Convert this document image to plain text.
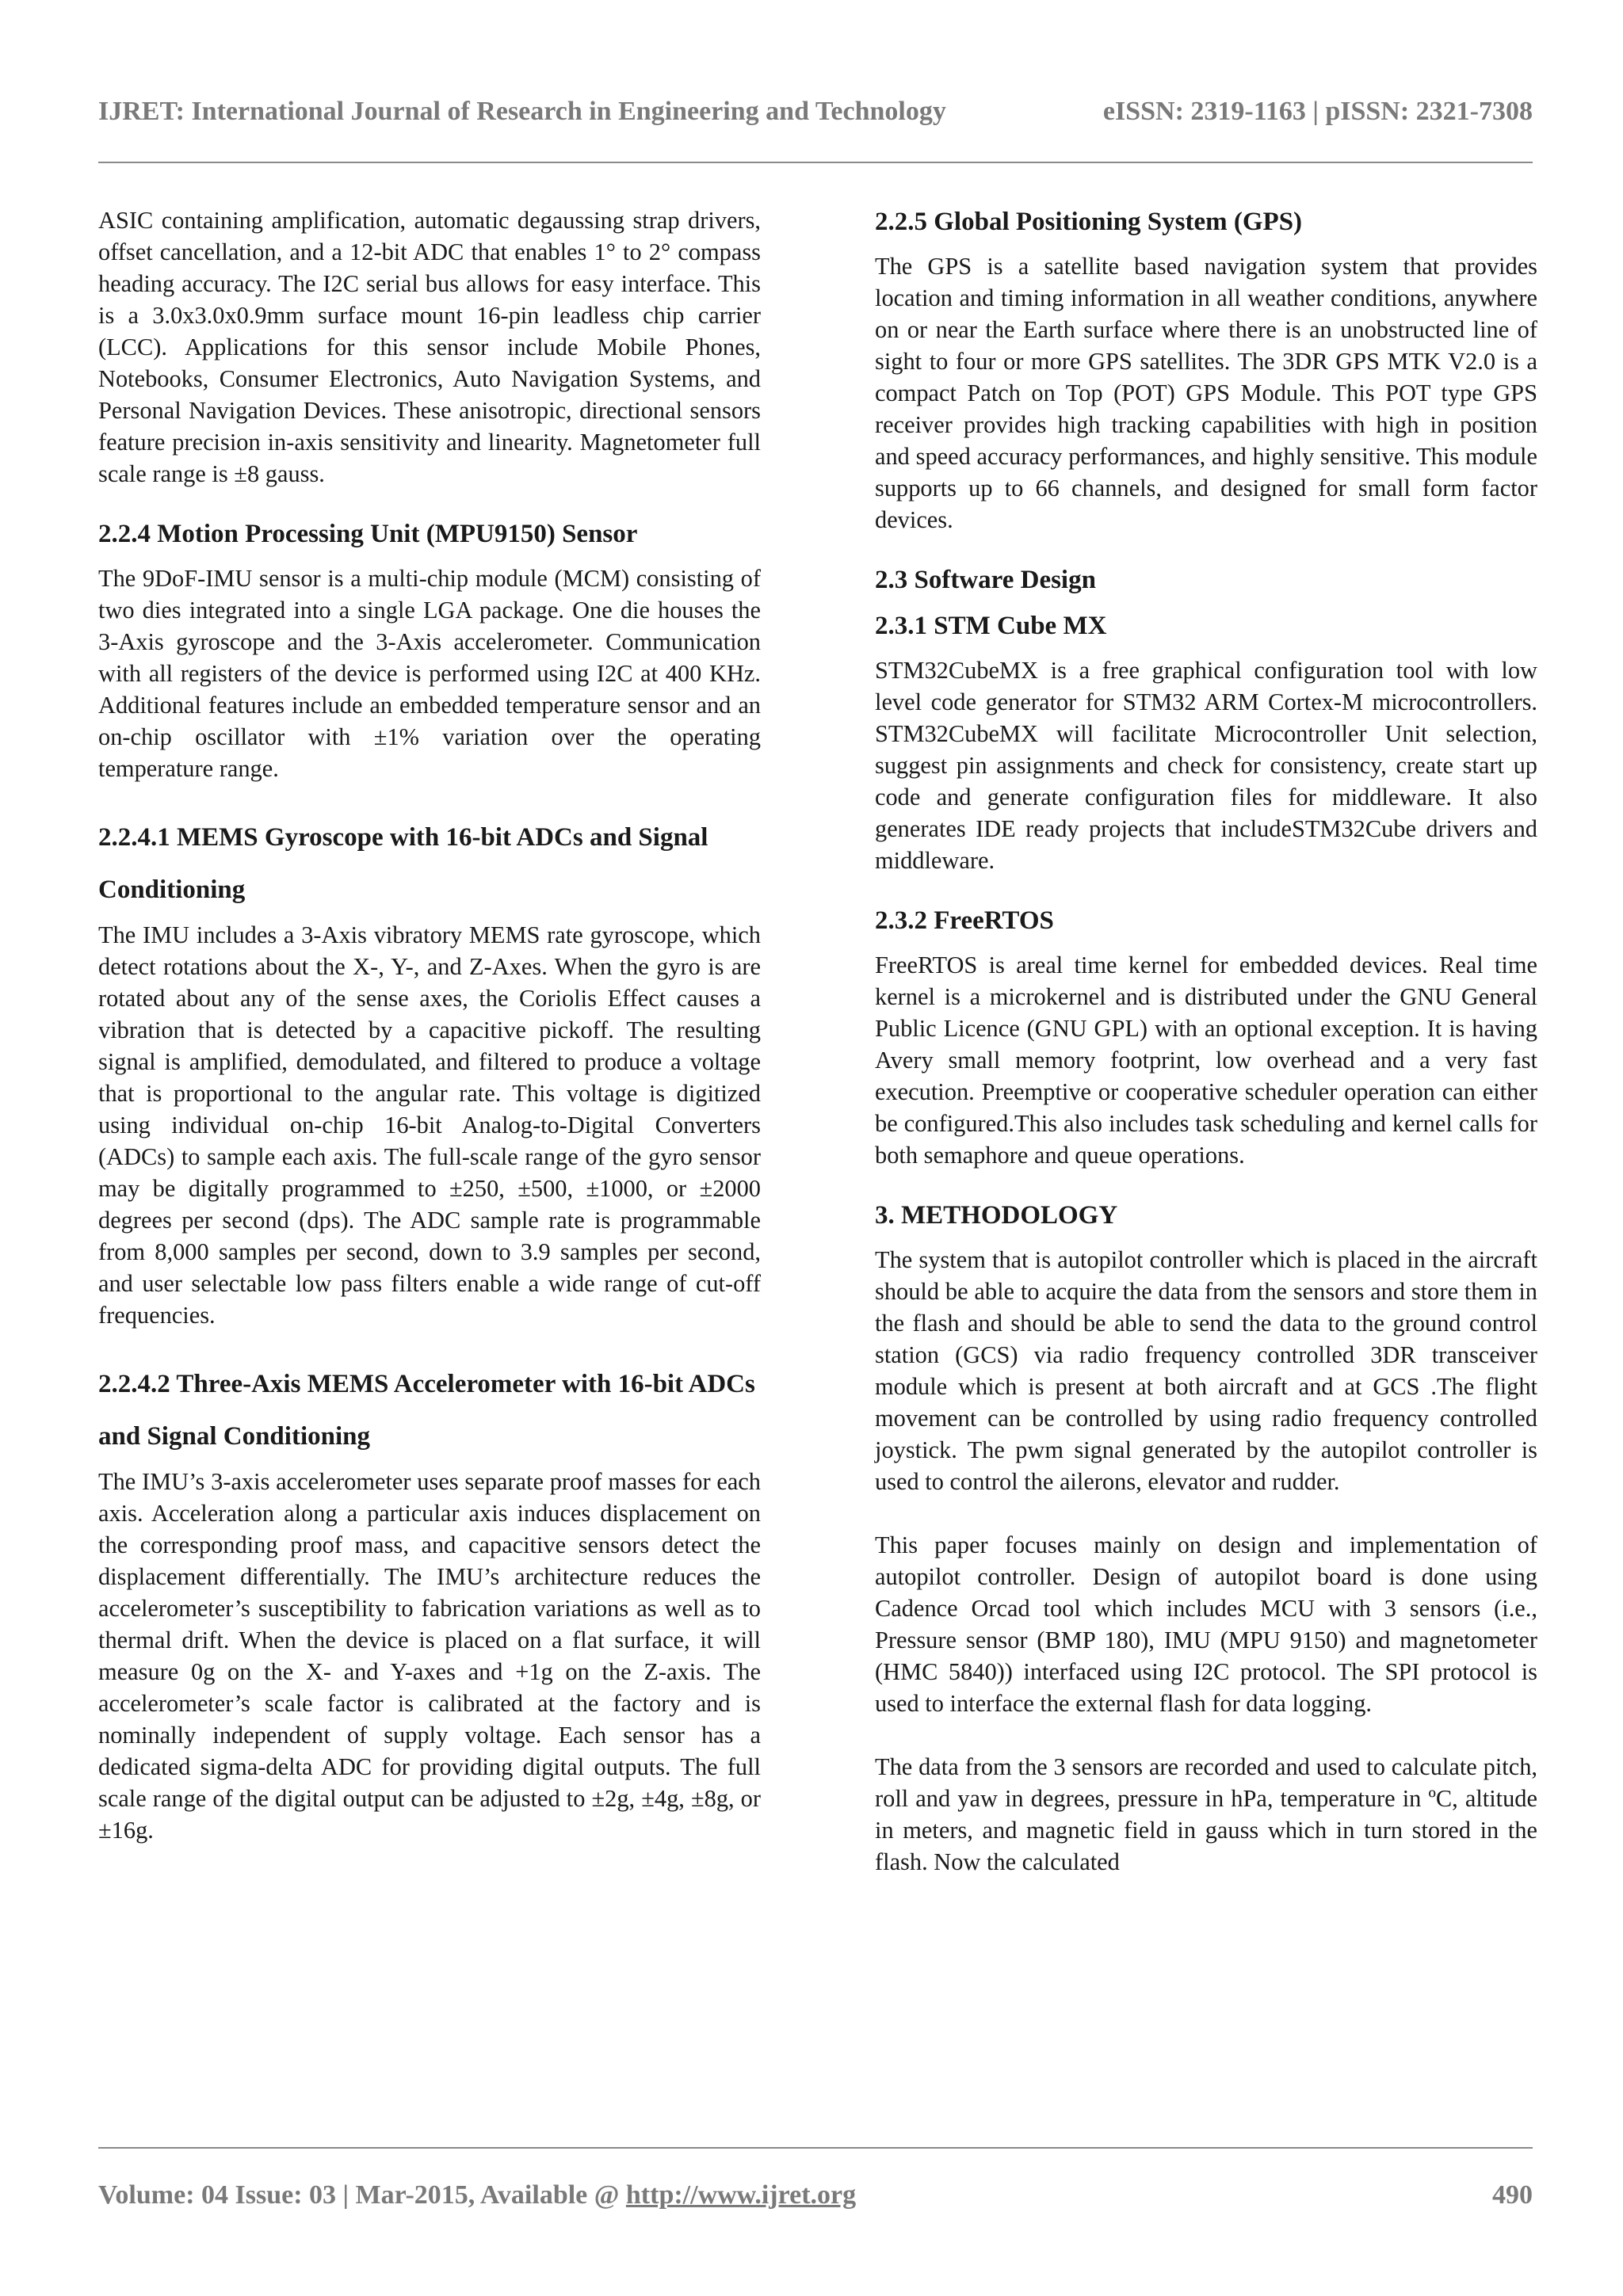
IJRET: International Journal of Research in Engineering and Technology	eISSN: 2319-1163 | pISSN: 2321-7308

ASIC containing amplification, automatic degaussing strap drivers, offset cancellation, and a 12-bit ADC that enables 1° to 2° compass heading accuracy. The I2C serial bus allows for easy interface. This is a 3.0x3.0x0.9mm surface mount 16-pin leadless chip carrier (LCC). Applications for this sensor include Mobile Phones, Notebooks, Consumer Electronics, Auto Navigation Systems, and Personal Navigation Devices. These anisotropic, directional sensors feature precision in-axis sensitivity and linearity. Magnetometer full scale range is ±8 gauss.

2.2.4 Motion Processing Unit (MPU9150) Sensor

The 9DoF-IMU sensor is a multi-chip module (MCM) consisting of two dies integrated into a single LGA package. One die houses the 3-Axis gyroscope and the 3-Axis accelerometer. Communication with all registers of the device is performed using I2C at 400 KHz. Additional features include an embedded temperature sensor and an on-chip oscillator with ±1% variation over the operating temperature range.

2.2.4.1 MEMS Gyroscope with 16-bit ADCs and Signal Conditioning

The IMU includes a 3-Axis vibratory MEMS rate gyroscope, which detect rotations about the X-, Y-, and Z-Axes. When the gyro is are rotated about any of the sense axes, the Coriolis Effect causes a vibration that is detected by a capacitive pickoff. The resulting signal is amplified, demodulated, and filtered to produce a voltage that is proportional to the angular rate. This voltage is digitized using individual on-chip 16-bit Analog-to-Digital Converters (ADCs) to sample each axis. The full-scale range of the gyro sensor may be digitally programmed to ±250, ±500, ±1000, or ±2000 degrees per second (dps). The ADC sample rate is programmable from 8,000 samples per second, down to 3.9 samples per second, and user selectable low pass filters enable a wide range of cut-off frequencies.

2.2.4.2 Three-Axis MEMS Accelerometer with 16-bit ADCs and Signal Conditioning

The IMU’s 3-axis accelerometer uses separate proof masses for each axis. Acceleration along a particular axis induces displacement on the corresponding proof mass, and capacitive sensors detect the displacement differentially. The IMU’s architecture reduces the accelerometer’s susceptibility to fabrication variations as well as to thermal drift. When the device is placed on a flat surface, it will measure 0g on the X- and Y-axes and +1g on the Z-axis. The accelerometer’s scale factor is calibrated at the factory and is nominally independent of supply voltage. Each sensor has a dedicated sigma-delta ADC for providing digital outputs. The full scale range of the digital output can be adjusted to ±2g, ±4g, ±8g, or ±16g.

2.2.5 Global Positioning System (GPS)

The GPS is a satellite based navigation system that provides location and timing information in all weather conditions, anywhere on or near the Earth surface where there is an unobstructed line of sight to four or more GPS satellites. The 3DR GPS MTK V2.0 is a compact Patch on Top (POT) GPS Module. This POT type GPS receiver provides high tracking capabilities with high in position and speed accuracy performances, and highly sensitive. This module supports up to 66 channels, and designed for small form factor devices.

2.3 Software Design
2.3.1 STM Cube MX

STM32CubeMX is a free graphical configuration tool with low level code generator for STM32 ARM Cortex-M microcontrollers. STM32CubeMX will facilitate Microcontroller Unit selection, suggest pin assignments and check for consistency, create start up code and generate configuration files for middleware. It also generates IDE ready projects that includeSTM32Cube drivers and middleware.

2.3.2 FreeRTOS

FreeRTOS is areal time kernel for embedded devices. Real time kernel is a microkernel and is distributed under the GNU General Public Licence (GNU GPL) with an optional exception. It is having Avery small memory footprint, low overhead and a very fast execution. Preemptive or cooperative scheduler operation can either be configured.This also includes task scheduling and kernel calls for both semaphore and queue operations.

3. METHODOLOGY

The system that is autopilot controller which is placed in the aircraft should be able to acquire the data from the sensors and store them in the flash and should be able to send the data to the ground control station (GCS) via radio frequency controlled 3DR transceiver module which is present at both aircraft and at GCS .The flight movement can be controlled by using radio frequency controlled joystick. The pwm signal generated by the autopilot controller is used to control the ailerons, elevator and rudder.

This paper focuses mainly on design and implementation of autopilot controller. Design of autopilot board is done using Cadence Orcad tool which includes MCU with 3 sensors (i.e., Pressure sensor (BMP 180), IMU (MPU 9150) and magnetometer (HMC 5840)) interfaced using I2C protocol. The SPI protocol is used to interface the external flash for data logging.

The data from the 3 sensors are recorded and used to calculate pitch, roll and yaw in degrees, pressure in hPa, temperature in ºC, altitude in meters, and magnetic field in gauss which in turn stored in the flash. Now the calculated

Volume: 04 Issue: 03 | Mar-2015, Available @ http://www.ijret.org	490
